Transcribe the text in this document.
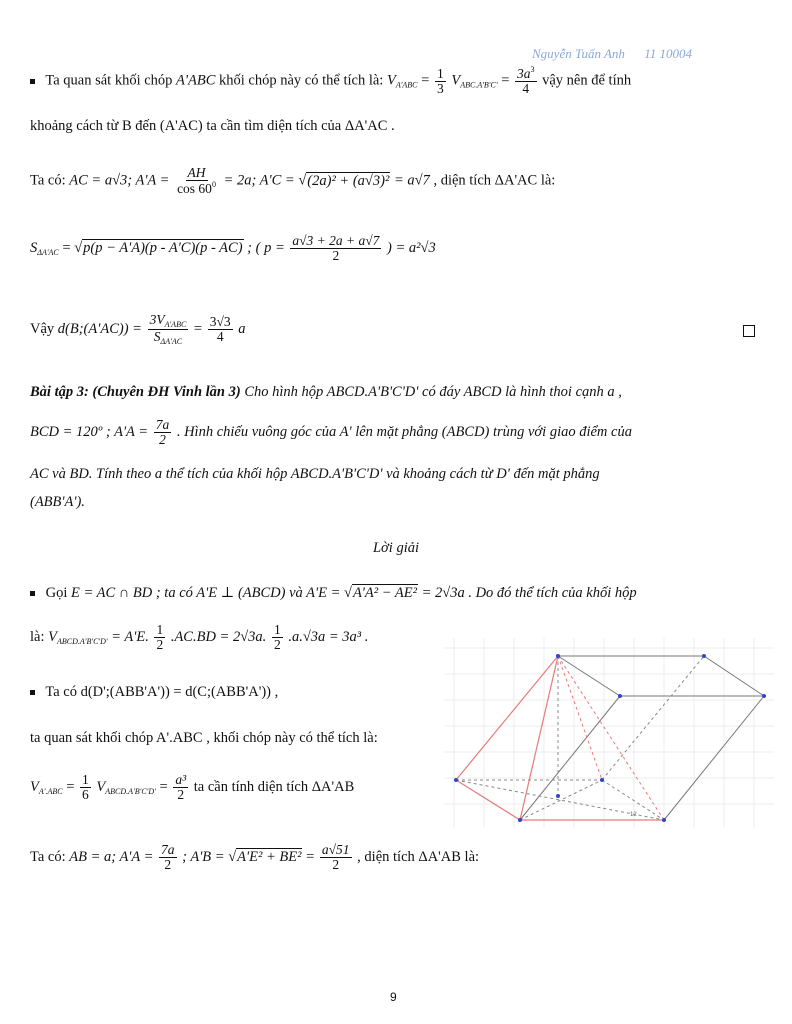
Nguyễn Tuấn Anh 11 10004
Ta quan sát khối chóp A'ABC khối chóp này có thể tích là: $V_{A'ABC} = \frac{1}{3} V_{ABC.A'B'C'} = \frac{3a^3}{4}$ vậy nên để tính
khoảng cách từ B đến (A'AC) ta cần tìm diện tích của ΔA'AC .
Ta có: AC = a√3; $A'A = \frac{AH}{\cos 60^0} = 2a$; A'C = √(2a)² + (a√3)² = a√7 , diện tích ΔA'AC là:
$S_{\Delta A'AC} = √p(p - A'A)(p - A'C)(p - AC)$ ; ( $p = \frac{a√3 + 2a + a√7}{2}$ ) = a²√3
Vậy d(B;(A'AC)) = $\frac{3V_{A'ABC}}{S_{\Delta A'AC}} = \frac{3√3}{4}$ a
Bài tập 3: (Chuyên ĐH Vinh lần 3) Cho hình hộp ABCD.A'B'C'D' có đáy ABCD là hình thoi cạnh a ,
BCD = 120º ; $A'A = \frac{7a}{2}$ . Hình chiếu vuông góc của A' lên mặt phẳng (ABCD) trùng với giao điểm của
AC và BD. Tính theo a thể tích của khối hộp ABCD.A'B'C'D' và khoảng cách từ D' đến mặt phẳng
(ABB'A').
Lời giải
Gọi E = AC ∩ BD ; ta có A'E ⊥ (ABCD) và A'E = √A'A² − AE² = 2√3a . Do đó thể tích của khối hộp
là: $V_{ABCD.A'B'C'D'} = A'E$. $\frac{1}{2} .AC.BD = 2√3a$. $\frac{1}{2} .a.√3a = 3a^3$ .
Ta có d(D';(ABB'A')) = d(C;(ABB'A')) ,
ta quan sát khối chóp A'.ABC , khối chóp này có thể tích là:
$V_{A'.ABC} = \frac{1}{6} V_{ABCD.A'B'C'D'} = \frac{\text{a³}}{2}$ ta cần tính diện tích ΔA'AB
Ta có: AB = a; $A'A = \frac{7a}{2}$ ; $A'B = √A'E^2 + BE^2 = \frac{a√51}{2}$ , diện tích ΔA'AB là:
12
9
